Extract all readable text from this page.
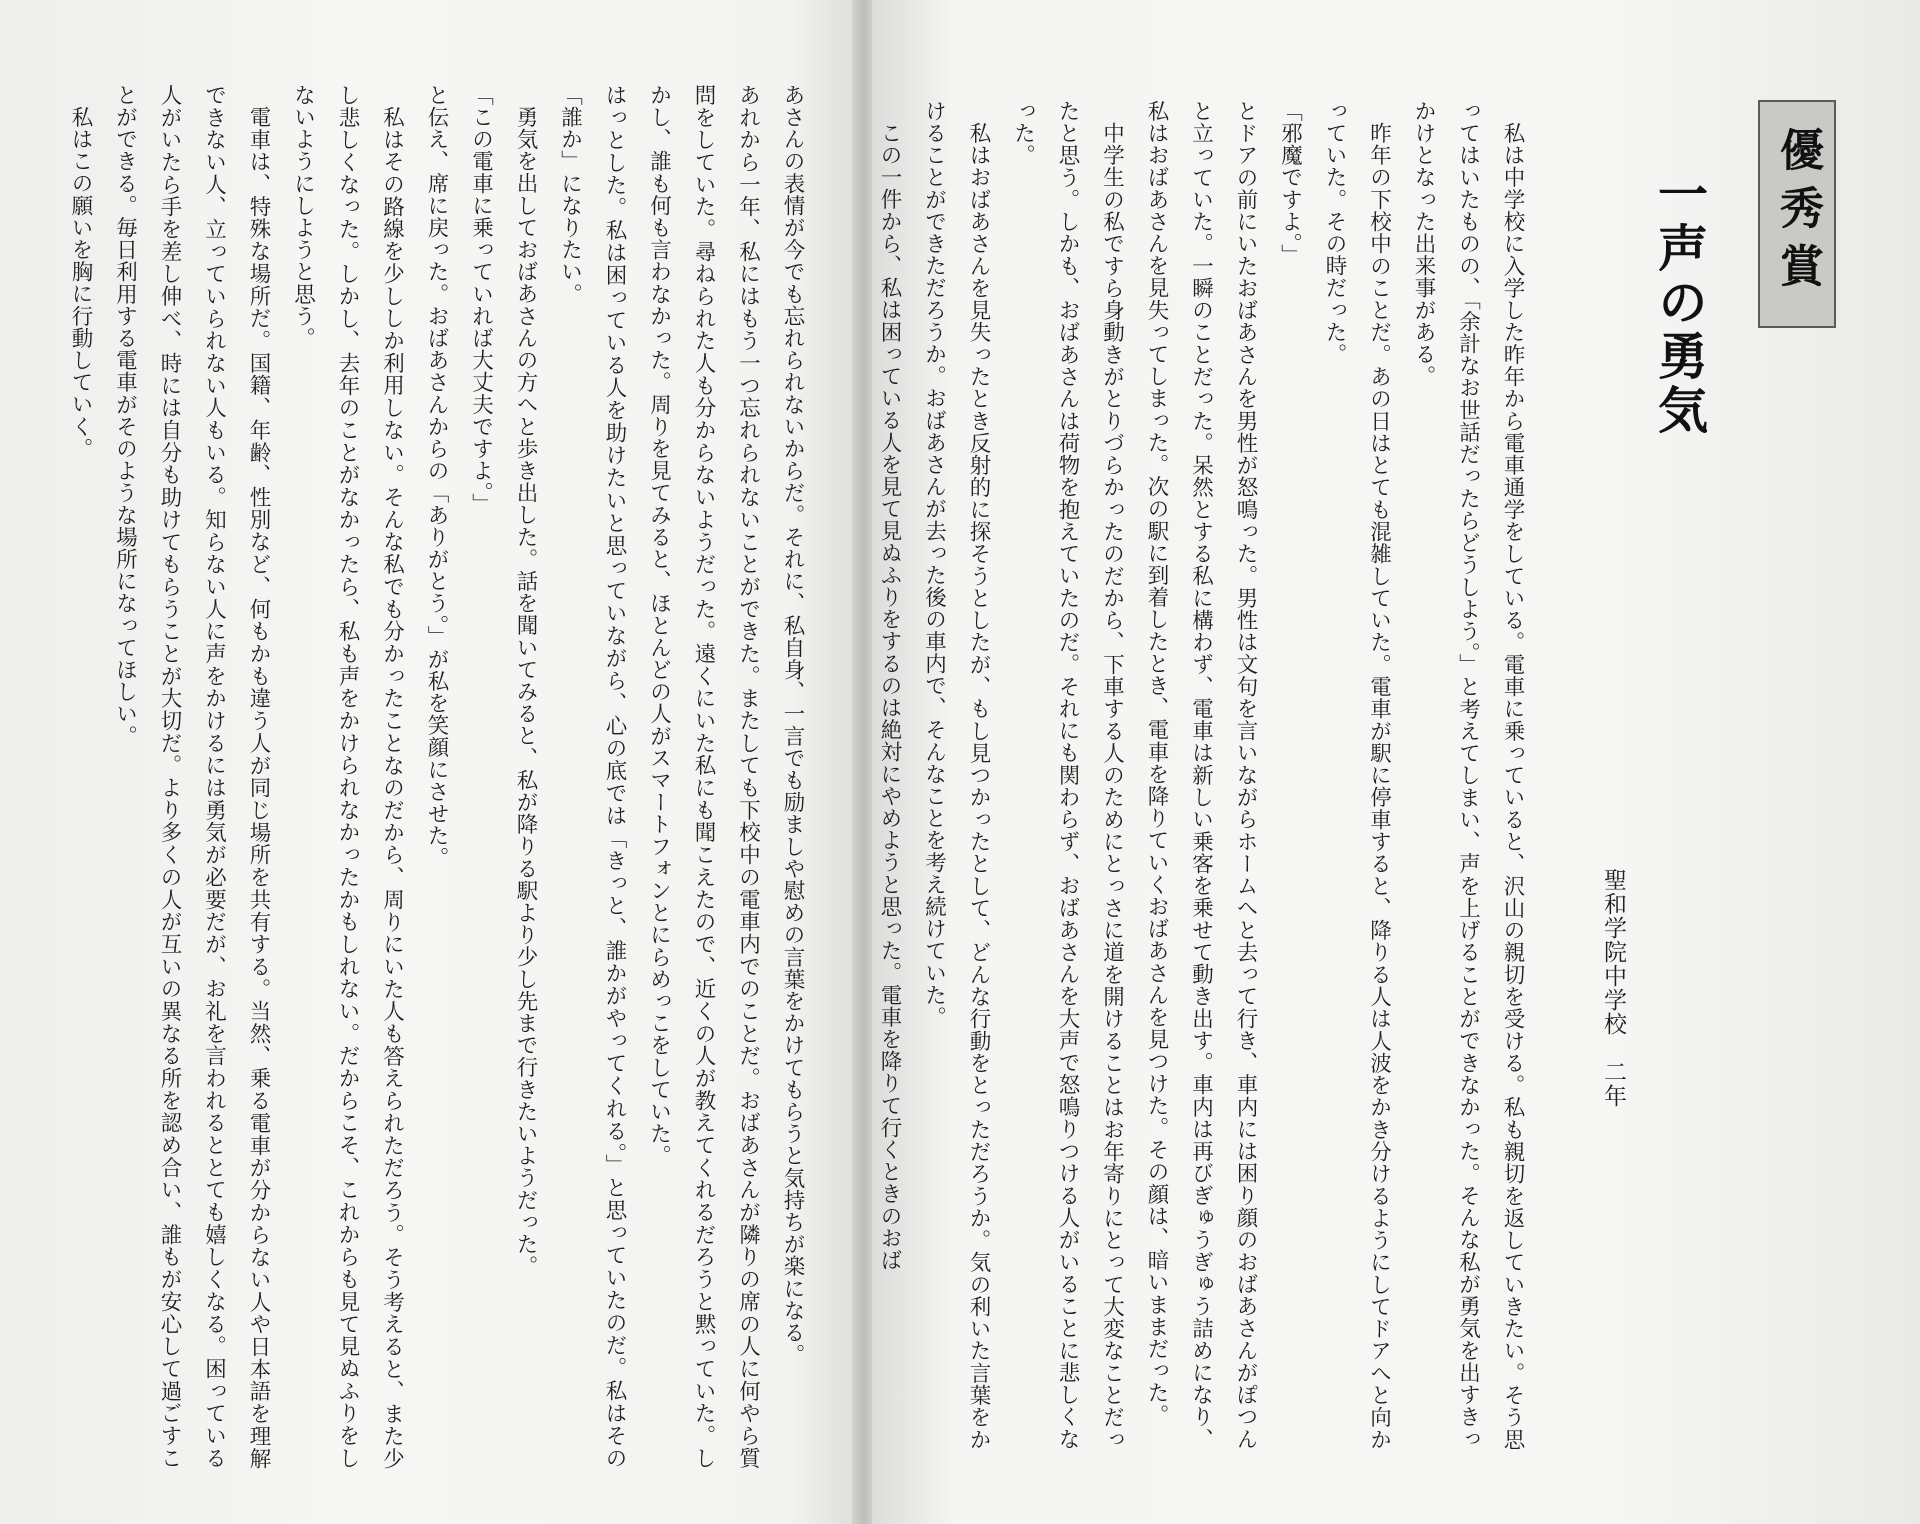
あさんの表情が今でも忘れられないからだ。それに、私自身、一言でも励ましや慰めの言葉をかけてもらうと気持ちが楽になる。

あれから一年、私にはもう一つ忘れられないことができた。またしても下校中の電車内でのことだ。おばあさんが隣りの席の人に何やら質問をしていた。尋ねられた人も分からないようだった。遠くにいた私にも聞こえたので、近くの人が教えてくれるだろうと黙っていた。しかし、誰も何も言わなかった。周りを見てみると、ほとんどの人がスマートフォンとにらめっこをしていた。

はっとした。私は困っている人を助けたいと思っていながら、心の底では「きっと、誰かがやってくれる。」と思っていたのだ。私はその「誰か」になりたい。

勇気を出しておばあさんの方へと歩き出した。話を聞いてみると、私が降りる駅より少し先まで行きたいようだった。

「この電車に乗っていれば大丈夫ですよ。」

と伝え、席に戻った。おばあさんからの「ありがとう。」が私を笑顔にさせた。

私はその路線を少ししか利用しない。そんな私でも分かったことなのだから、周りにいた人も答えられただろう。そう考えると、また少し悲しくなった。しかし、去年のことがなかったら、私も声をかけられなかったかもしれない。だからこそ、これからも見て見ぬふりをしないようにしようと思う。

電車は、特殊な場所だ。国籍、年齢、性別など、何もかも違う人が同じ場所を共有する。当然、乗る電車が分からない人や日本語を理解できない人、立っていられない人もいる。知らない人に声をかけるには勇気が必要だが、お礼を言われるととても嬉しくなる。困っている人がいたら手を差し伸べ、時には自分も助けてもらうことが大切だ。より多くの人が互いの異なる所を認め合い、誰もが安心して過ごすことができる。毎日利用する電車がそのような場所になってほしい。

私はこの願いを胸に行動していく。	優秀賞
一声の勇気
聖和学院中学校　二年

私は中学校に入学した昨年から電車通学をしている。電車に乗っていると、沢山の親切を受ける。私も親切を返していきたい。そう思ってはいたものの、「余計なお世話だったらどうしよう。」と考えてしまい、声を上げることができなかった。そんな私が勇気を出すきっかけとなった出来事がある。

昨年の下校中のことだ。あの日はとても混雑していた。電車が駅に停車すると、降りる人は人波をかき分けるようにしてドアへと向かっていた。その時だった。

「邪魔ですよ。」

とドアの前にいたおばあさんを男性が怒鳴った。男性は文句を言いながらホームへと去って行き、車内には困り顔のおばあさんがぽつんと立っていた。一瞬のことだった。呆然とする私に構わず、電車は新しい乗客を乗せて動き出す。車内は再びぎゅうぎゅう詰めになり、私はおばあさんを見失ってしまった。次の駅に到着したとき、電車を降りていくおばあさんを見つけた。その顔は、暗いままだった。

中学生の私ですら身動きがとりづらかったのだから、下車する人のためにとっさに道を開けることはお年寄りにとって大変なことだったと思う。しかも、おばあさんは荷物を抱えていたのだ。それにも関わらず、おばあさんを大声で怒鳴りつける人がいることに悲しくなった。

私はおばあさんを見失ったとき反射的に探そうとしたが、もし見つかったとして、どんな行動をとっただろうか。気の利いた言葉をかけることができただろうか。おばあさんが去った後の車内で、そんなことを考え続けていた。

この一件から、私は困っている人を見て見ぬふりをするのは絶対にやめようと思った。電車を降りて行くときのおば
